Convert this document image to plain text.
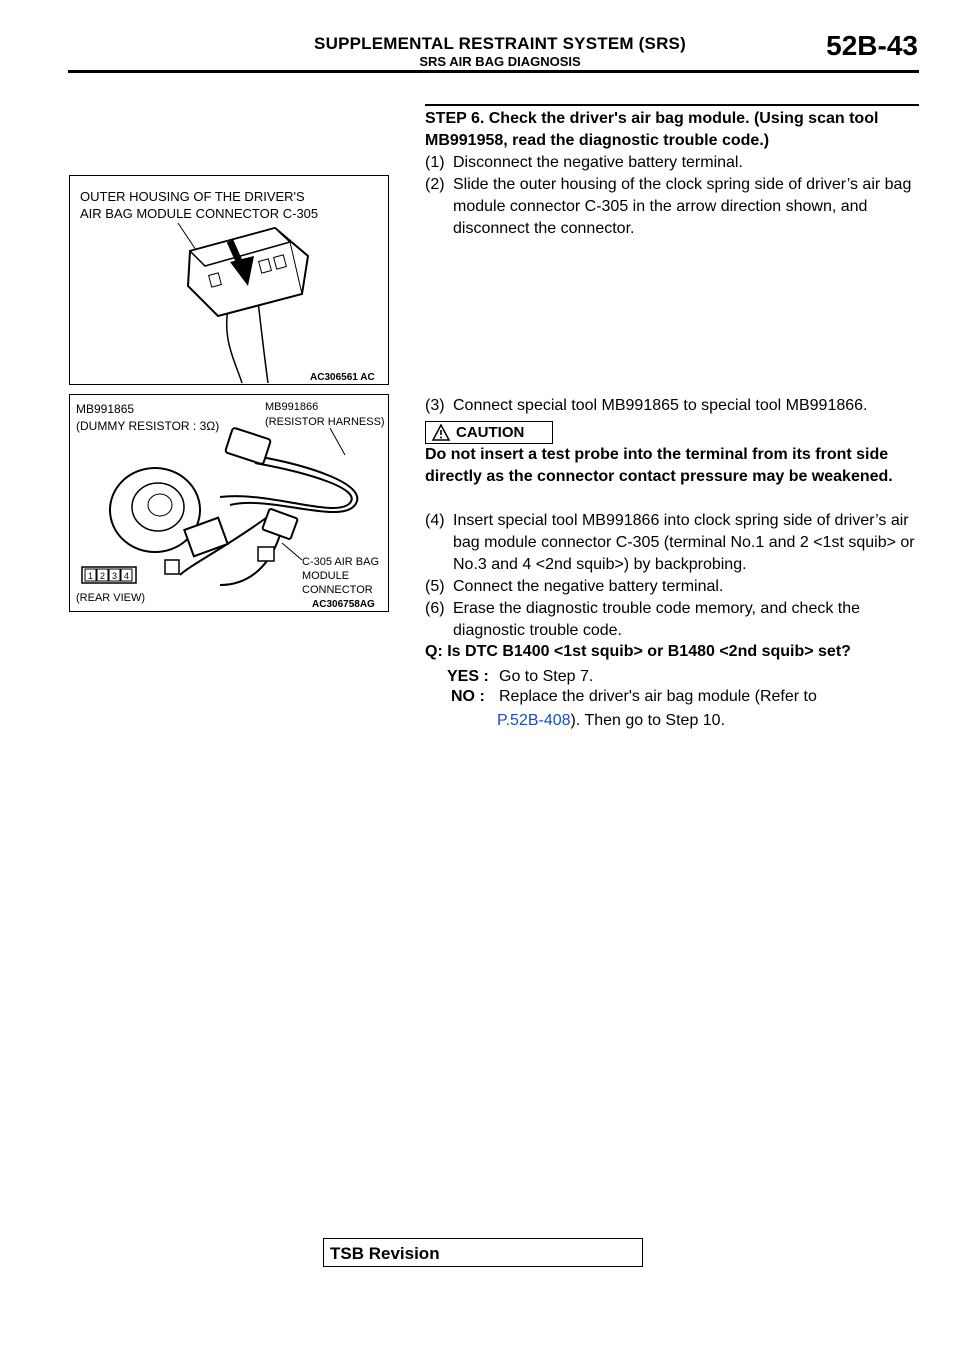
SUPPLEMENTAL RESTRAINT SYSTEM (SRS)
SRS AIR BAG DIAGNOSIS
52B-43
OUTER HOUSING OF THE DRIVER'S
AIR BAG MODULE CONNECTOR C-305
AC306561 AC
MB991865
(DUMMY RESISTOR : 3Ω)
MB991866
(RESISTOR HARNESS)
C-305 AIR BAG
MODULE
CONNECTOR
1 2 3 4
(REAR VIEW)
AC306758AG
STEP 6. Check the driver's air bag module. (Using scan tool MB991958, read the diagnostic trouble code.)
(1) Disconnect the negative battery terminal.
(2) Slide the outer housing of the clock spring side of driver’s air bag module connector C-305 in the arrow direction shown, and disconnect the connector.
(3) Connect special tool MB991865 to special tool MB991866.
CAUTION
Do not insert a test probe into the terminal from its front side directly as the connector contact pressure may be weakened.
(4) Insert special tool MB991866 into clock spring side of driver’s air bag module connector C-305 (terminal No.1 and 2 <1st squib> or No.3 and 4 <2nd squib>) by backprobing.
(5) Connect the negative battery terminal.
(6) Erase the diagnostic trouble code memory, and check the diagnostic trouble code.
Q: Is DTC B1400 <1st squib> or B1480 <2nd squib> set?
YES : Go to Step 7.
NO : Replace the driver's air bag module (Refer to
P.52B-408). Then go to Step 10.
TSB Revision
